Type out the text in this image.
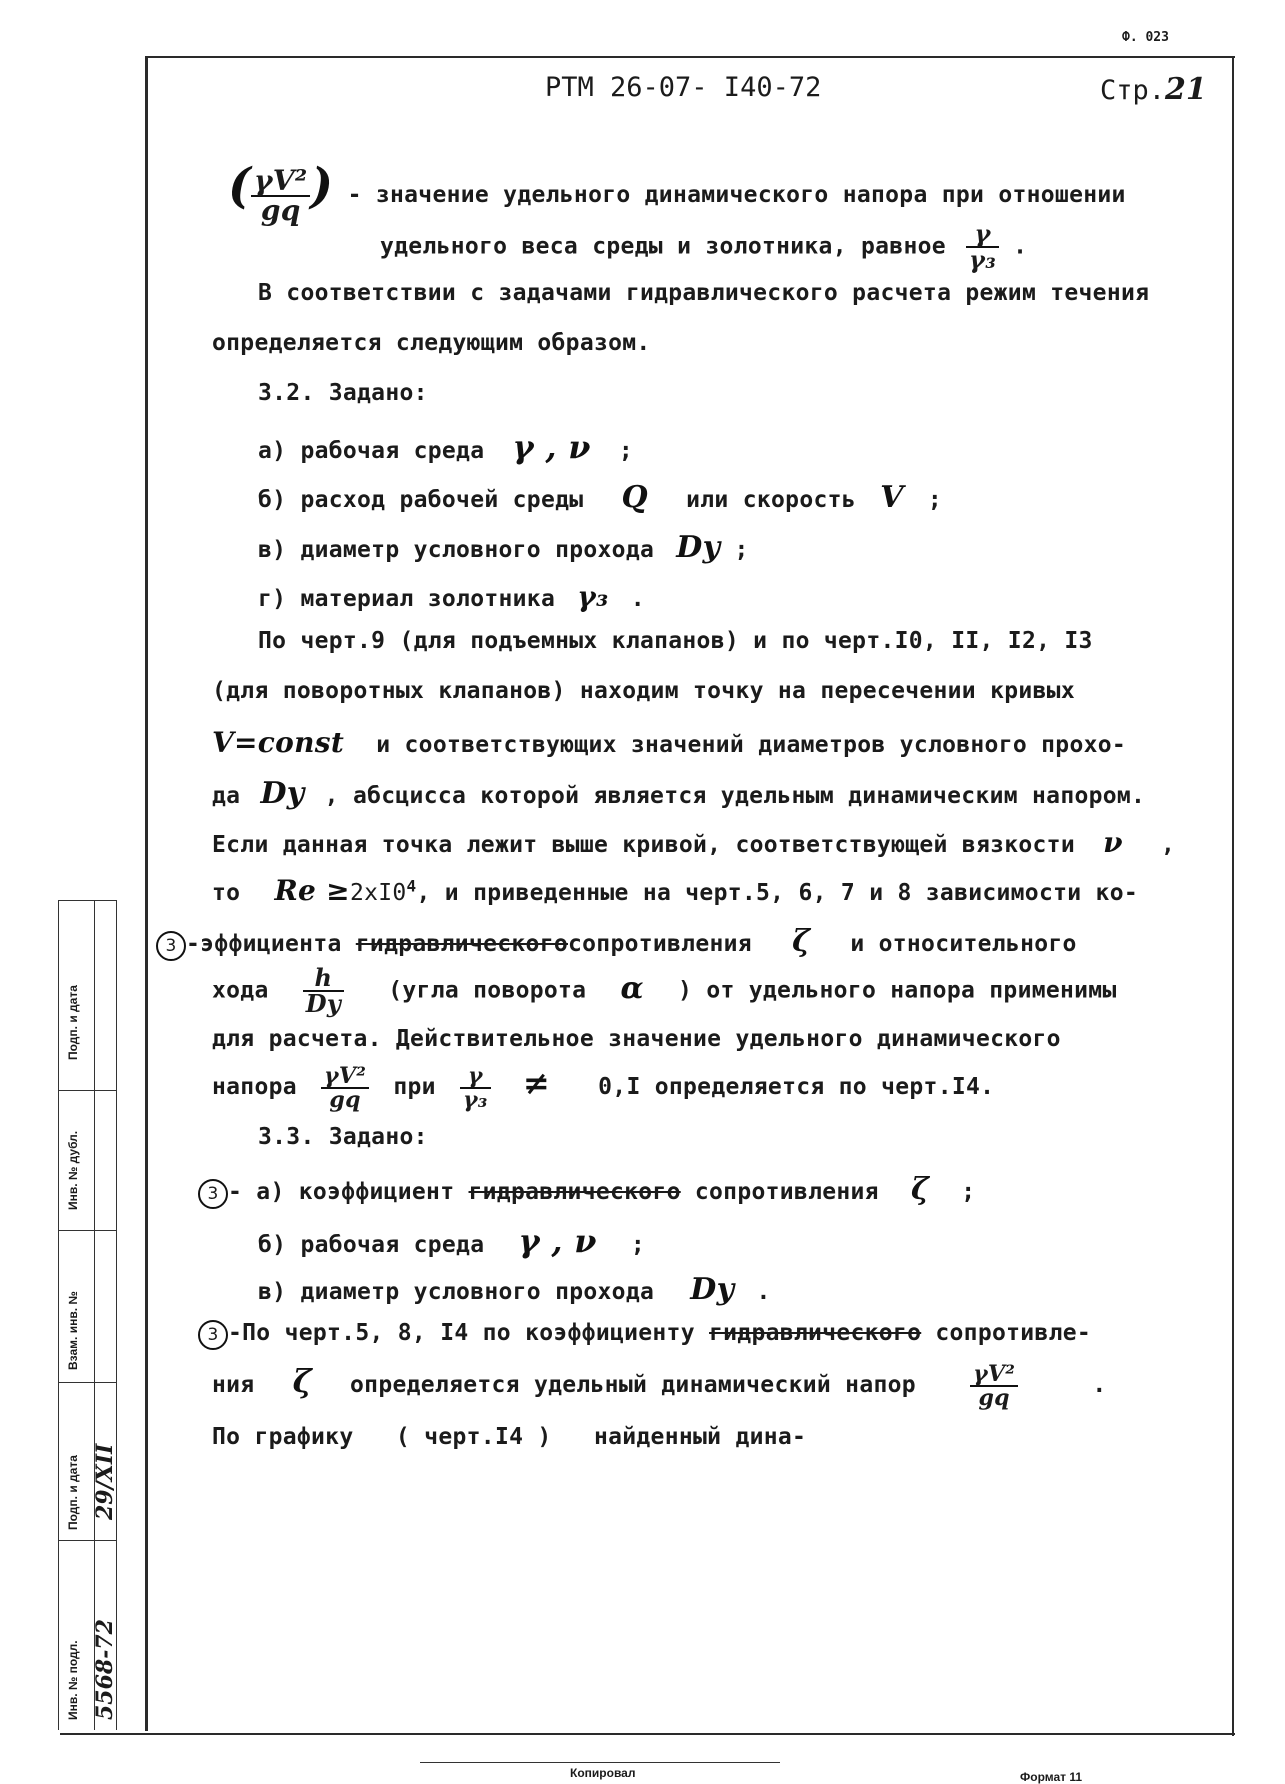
Ф. 023
РТМ 26-07- I40-72	Стр.21
( $\frac{\text{γV²}}{gq}$ ) - значение удельного динамического напора при отношении
удельного веса среды и золотника, равное $\frac{\gamma}{\text{γ₃}}$ .
В соответствии с задачами гидравлического расчета режим течения
определяется следующим образом.
3.2. Задано:
а) рабочая среда γ , ν ;
б) расход рабочей среды Q или скорость V ;
в) диаметр условного прохода Dy ;
г) материал золотника γ₃ .
По черт.9 (для подъемных клапанов) и по черт.I0, II, I2, I3
(для поворотных клапанов) находим точку на пересечении кривых
V=const и соответствующих значений диаметров условного прохо-
да Dy , абсцисса которой является удельным динамическим напором.
Если данная точка лежит выше кривой, соответствующей вязкости ν ,
то $Re \ge 2xI0^4$, и приведенные на черт.5, 6, 7 и 8 зависимости ко-
3 -эффициента гидравлическогосопротивления ζ и относительного
хода $\frac{h}{Dy}$ (угла поворота α ) от удельного напора применимы
для расчета. Действительное значение удельного динамического
напора $\frac{\text{γV²}}{gq}$ при $\frac{\gamma}{\text{γ₃}} \ne 0,I$ определяется по черт.I4.
3.3. Задано:
3 - а) коэффициент гидравлического сопротивления ζ ;
б) рабочая среда γ , ν ;
в) диаметр условного прохода Dy .
3 -По черт.5, 8, I4 по коэффициенту гидравлического сопротивле-
ния ζ определяется удельный динамический напор $\frac{\text{γV²}}{gq}$	.
По графику   ( черт.I4 )   найденный дина-
Подп. и дата
Инв. № дубл.
Взам. инв. №
Подп. и дата
Инв. № подл.
29/XII
5568-72
Копировал	Формат 11
